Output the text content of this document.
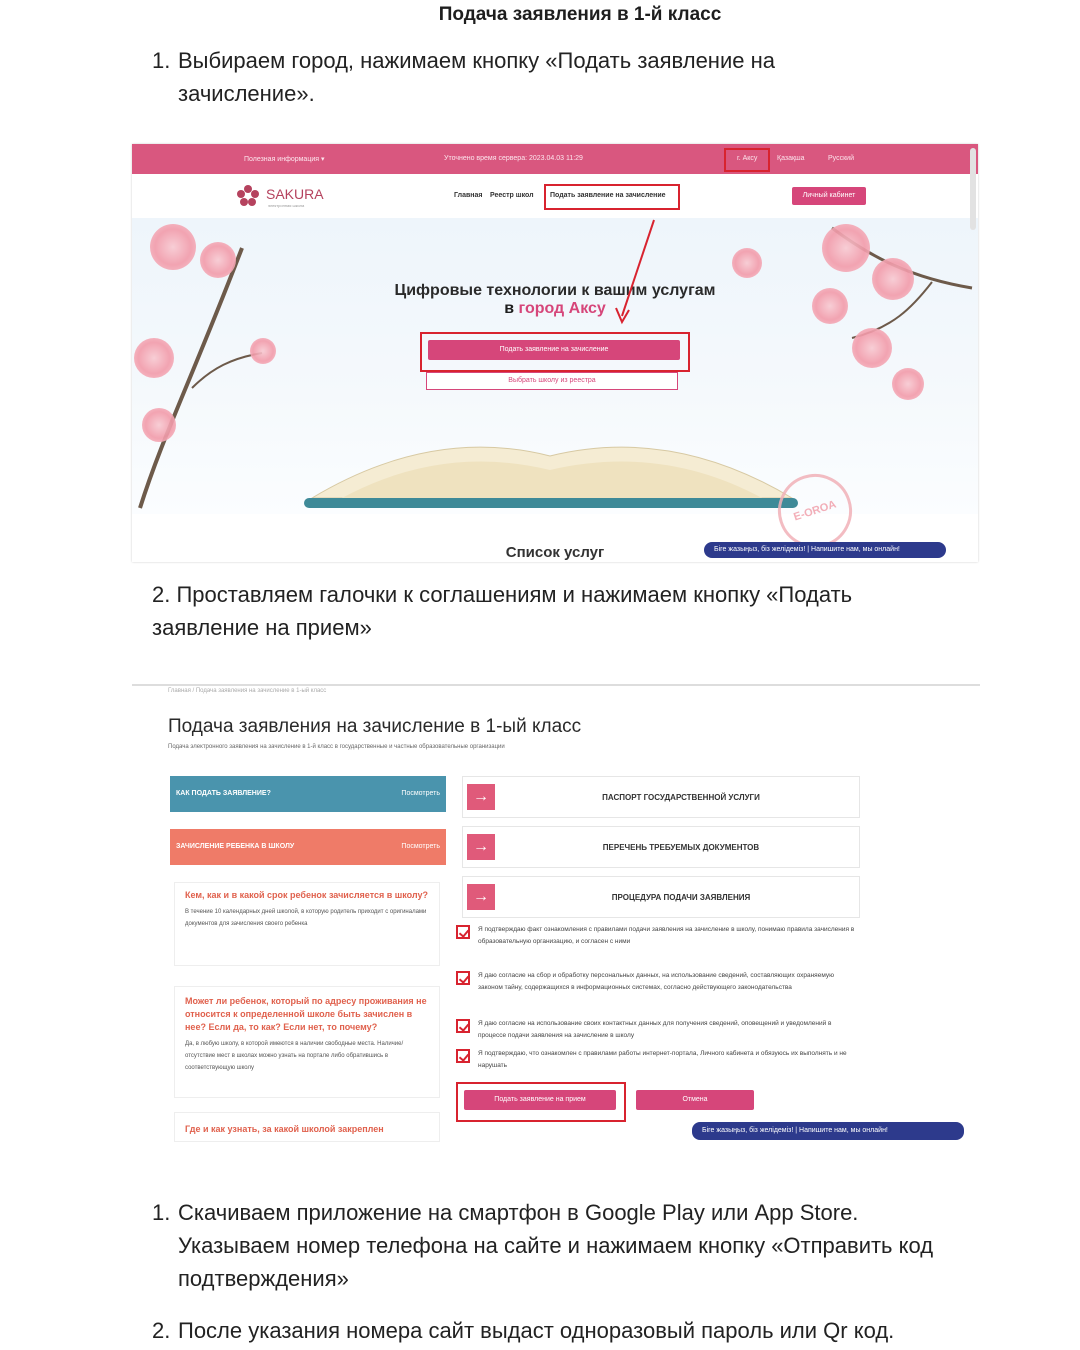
Подача заявления в 1-й класс
1. Выбираем город, нажимаем кнопку «Подать заявление на
зачисление».
Полезная информация ▾	Уточнено время сервера: 2023.04.03 11:29	г. Аксу	Қазақша	Русский
SAKURA
электронная школа
Главная Реестр школ Подать заявление на зачисление	Личный кабинет
Цифровые технологии к вашим услугам
в город Аксу
Подать заявление на зачисление
Выбрать школу из реестра
Список услуг
E-OROA
Біге жазыңыз, біз желідеміз! | Напишите нам, мы онлайн!
2. Проставляем галочки к соглашениям и нажимаем кнопку «Подать
заявление на прием»
Главная / Подача заявления на зачисление в 1-ый класс
Подача заявления на зачисление в 1-ый класс
Подача электронного заявления на зачисление в 1-й класс в государственные и частные образовательные организации
КАК ПОДАТЬ ЗАЯВЛЕНИЕ?	Посмотреть
ЗАЧИСЛЕНИЕ РЕБЕНКА В ШКОЛУ	Посмотреть
Кем, как и в какой срок ребенок зачисляется в школу?
В течение 10 календарных дней школой, в которую родитель приходит с оригиналами документов для зачисления своего ребенка
Может ли ребенок, который по адресу проживания не относится к определенной школе быть зачислен в нее? Если да, то как? Если нет, то почему?
Да, в любую школу, в которой имеются в наличии свободные места. Наличие/отсутствие мест в школах можно узнать на портале либо обратившись в соответствующую школу
Где и как узнать, за какой школой закреплен
→	ПАСПОРТ ГОСУДАРСТВЕННОЙ УСЛУГИ
→	ПЕРЕЧЕНЬ ТРЕБУЕМЫХ ДОКУМЕНТОВ
→	ПРОЦЕДУРА ПОДАЧИ ЗАЯВЛЕНИЯ
Я подтверждаю факт ознакомления с правилами подачи заявления на зачисление в школу, понимаю правила зачисления в образовательную организацию, и согласен с ними
Я даю согласие на сбор и обработку персональных данных, на использование сведений, составляющих охраняемую законом тайну, содержащихся в информационных системах, согласно действующего законодательства
Я даю согласие на использование своих контактных данных для получения сведений, оповещений и уведомлений в процессе подачи заявления на зачисление в школу
Я подтверждаю, что ознакомлен с правилами работы интернет-портала, Личного кабинета и обязуюсь их выполнять и не нарушать
Подать заявление на прием	Отмена
Біге жазыңыз, біз желідеміз! | Напишите нам, мы онлайн!
1. Скачиваем приложение на смартфон в Google Play или App Store.
Указываем номер телефона на сайте и нажимаем кнопку «Отправить код
подтверждения»
2. После указания номера сайт выдаст одноразовый пароль или Qr код.
